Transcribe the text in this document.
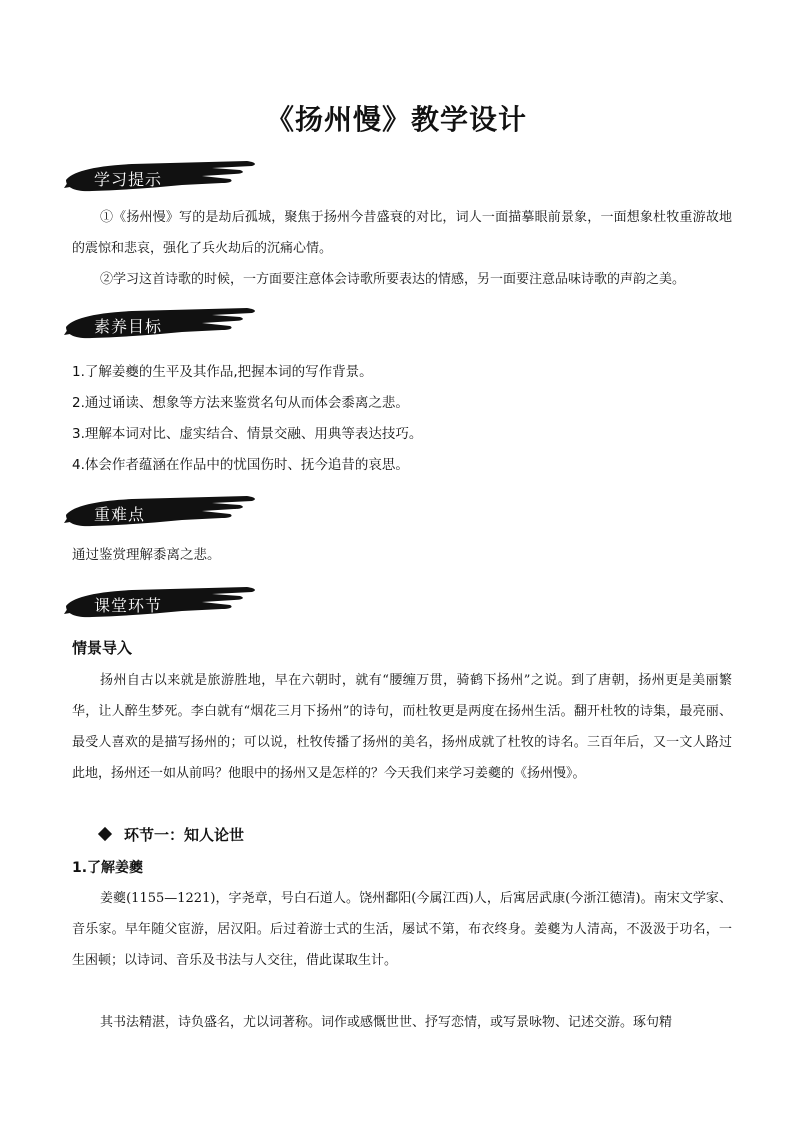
《扬州慢》教学设计
学习提示
①《扬州慢》写的是劫后孤城，聚焦于扬州今昔盛衰的对比，词人一面描摹眼前景象，一面想象杜牧重游故地的震惊和悲哀，强化了兵火劫后的沉痛心情。
②学习这首诗歌的时候，一方面要注意体会诗歌所要表达的情感，另一面要注意品味诗歌的声韵之美。
素养目标
1.了解姜夔的生平及其作品,把握本词的写作背景。
2.通过诵读、想象等方法来鉴赏名句从而体会黍离之悲。
3.理解本词对比、虚实结合、情景交融、用典等表达技巧。
4.体会作者蕴涵在作品中的忧国伤时、抚今追昔的哀思。
重难点
通过鉴赏理解黍离之悲。
课堂环节
情景导入
扬州自古以来就是旅游胜地，早在六朝时，就有“腰缠万贯，骑鹤下扬州”之说。到了唐朝，扬州更是美丽繁华，让人醉生梦死。李白就有“烟花三月下扬州”的诗句，而杜牧更是两度在扬州生活。翻开杜牧的诗集，最亮丽、最受人喜欢的是描写扬州的；可以说，杜牧传播了扬州的美名，扬州成就了杜牧的诗名。三百年后，又一文人路过此地，扬州还一如从前吗？他眼中的扬州又是怎样的？今天我们来学习姜夔的《扬州慢》。
环节一：知人论世
1.了解姜夔
姜夔(1155—1221)，字尧章，号白石道人。饶州鄱阳(今属江西)人，后寓居武康(今浙江德清)。南宋文学家、音乐家。早年随父宦游，居汉阳。后过着游士式的生活，屡试不第，布衣终身。姜夔为人清高，不汲汲于功名，一生困顿；以诗词、音乐及书法与人交往，借此谋取生计。
其书法精湛，诗负盛名，尤以词著称。词作或感慨世世、抒写恋情，或写景咏物、记述交游。琢句精
